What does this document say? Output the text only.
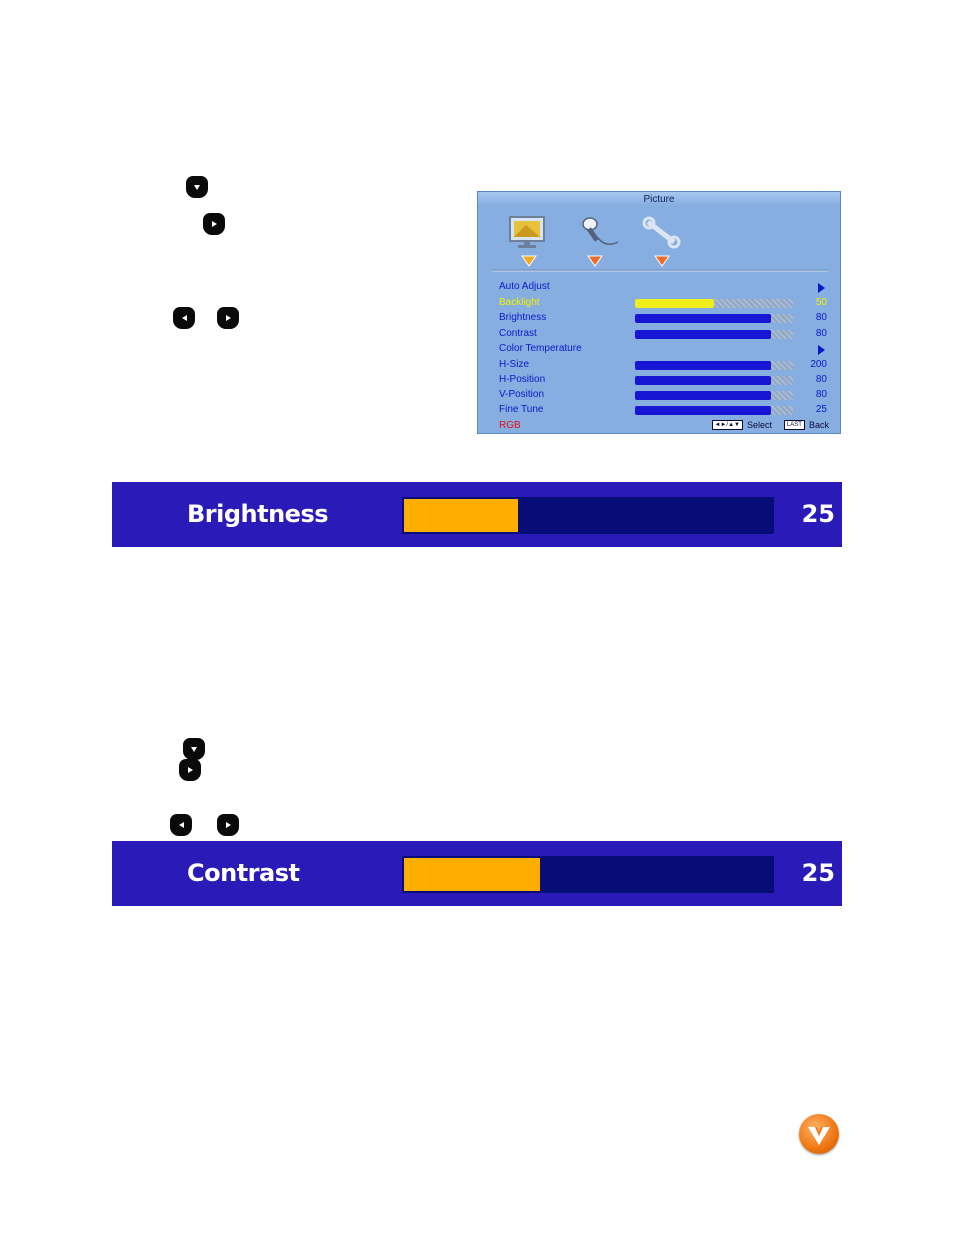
Picture
Auto Adjust
Backlight	50
Brightness	80
Contrast	80
Color Temperature
H-Size	200
H-Position	80
V-Position	80
Fine Tune	25
RGB	◄►/▲▼ Select	LAST Back
Brightness	25
Contrast	25
